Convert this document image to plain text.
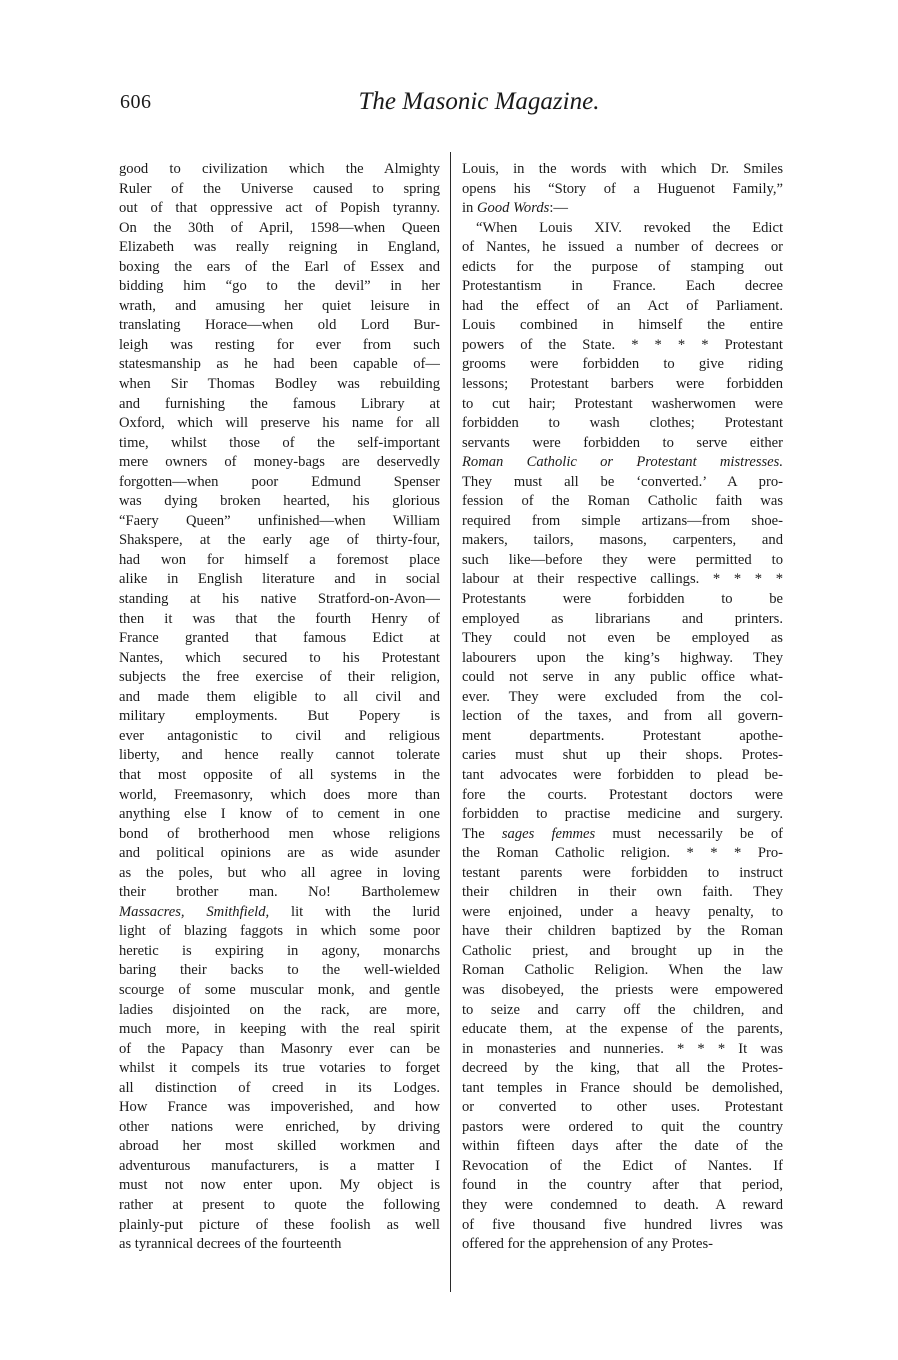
606	The Masonic Magazine.

good to civilization which the Almighty
Ruler of the Universe caused to spring
out of that oppressive act of Popish tyranny.
On the 30th of April, 1598—when Queen
Elizabeth was really reigning in England,
boxing the ears of the Earl of Essex and
bidding him “go to the devil” in her
wrath, and amusing her quiet leisure in
translating Horace—when old Lord Bur-
leigh was resting for ever from such
statesmanship as he had been capable of—
when Sir Thomas Bodley was rebuilding
and furnishing the famous Library at
Oxford, which will preserve his name for all
time, whilst those of the self-important
mere owners of money-bags are deservedly
forgotten—when poor Edmund Spenser
was dying broken hearted, his glorious
“Faery Queen” unfinished—when William
Shakspere, at the early age of thirty-four,
had won for himself a foremost place
alike in English literature and in social
standing at his native Stratford-on-Avon—
then it was that the fourth Henry of
France granted that famous Edict at
Nantes, which secured to his Protestant
subjects the free exercise of their religion,
and made them eligible to all civil and
military employments. But Popery is
ever antagonistic to civil and religious
liberty, and hence really cannot tolerate
that most opposite of all systems in the
world, Freemasonry, which does more than
anything else I know of to cement in one
bond of brotherhood men whose religions
and political opinions are as wide asunder
as the poles, but who all agree in loving
their brother man. No! Bartholemew
Massacres, Smithfield, lit with the lurid
light of blazing faggots in which some poor
heretic is expiring in agony, monarchs
baring their backs to the well-wielded
scourge of some muscular monk, and gentle
ladies disjointed on the rack, are more,
much more, in keeping with the real spirit
of the Papacy than Masonry ever can be
whilst it compels its true votaries to forget
all distinction of creed in its Lodges.
How France was impoverished, and how
other nations were enriched, by driving
abroad her most skilled workmen and
adventurous manufacturers, is a matter I
must not now enter upon. My object is
rather at present to quote the following
plainly-put picture of these foolish as well
as tyrannical decrees of the fourteenth

Louis, in the words with which Dr. Smiles
opens his “Story of a Huguenot Family,”
in Good Words:—

“When Louis XIV. revoked the Edict
of Nantes, he issued a number of decrees or
edicts for the purpose of stamping out
Protestantism in France. Each decree
had the effect of an Act of Parliament.
Louis combined in himself the entire
powers of the State. * * * * Protestant
grooms were forbidden to give riding
lessons; Protestant barbers were forbidden
to cut hair; Protestant washerwomen were
forbidden to wash clothes; Protestant
servants were forbidden to serve either
Roman Catholic or Protestant mistresses.
They must all be ‘converted.’ A pro-
fession of the Roman Catholic faith was
required from simple artizans—from shoe-
makers, tailors, masons, carpenters, and
such like—before they were permitted to
labour at their respective callings. * * * *
Protestants were forbidden to be
employed as librarians and printers.
They could not even be employed as
labourers upon the king’s highway. They
could not serve in any public office what-
ever. They were excluded from the col-
lection of the taxes, and from all govern-
ment departments. Protestant apothe-
caries must shut up their shops. Protes-
tant advocates were forbidden to plead be-
fore the courts. Protestant doctors were
forbidden to practise medicine and surgery.
The sages femmes must necessarily be of
the Roman Catholic religion. * * * Pro-
testant parents were forbidden to instruct
their children in their own faith. They
were enjoined, under a heavy penalty, to
have their children baptized by the Roman
Catholic priest, and brought up in the
Roman Catholic Religion. When the law
was disobeyed, the priests were empowered
to seize and carry off the children, and
educate them, at the expense of the parents,
in monasteries and nunneries. * * * It was
decreed by the king, that all the Protes-
tant temples in France should be demolished,
or converted to other uses. Protestant
pastors were ordered to quit the country
within fifteen days after the date of the
Revocation of the Edict of Nantes. If
found in the country after that period,
they were condemned to death. A reward
of five thousand five hundred livres was
offered for the apprehension of any Protes-
